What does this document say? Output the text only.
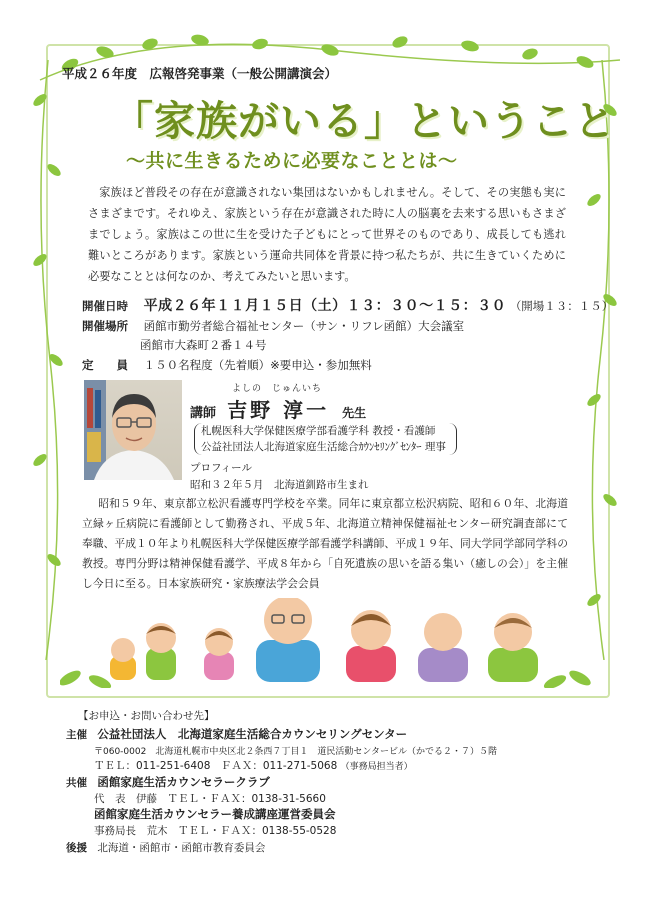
平成２６年度　広報啓発事業（一般公開講演会）
「家族がいる」ということ
～共に生きるために必要なこととは～

家族ほど普段その存在が意識されない集団はないかもしれません。そして、その実態も実にさまざまです。それゆえ、家族という存在が意識された時に人の脳裏を去来する思いもさまざまでしょう。家族はこの世に生を受けた子どもにとって世界そのものであり、成長しても逃れ難いところがあります。家族という運命共同体を背景に持つ私たちが、共に生きていくために必要なこととは何なのか、考えてみたいと思います。

開催日時 平成２６年１１月１５日（土）１３：３０～１５：３０ （開場１３：１５）
開催場所 函館市勤労者総合福祉センター（サン・リフレ函館）大会議室
函館市大森町２番１４号
定　　員 １５０名程度（先着順）※要申込・参加無料
よしの　じゅんいち
講師 吉野 淳一 先生
札幌医科大学保健医療学部看護学科 教授・看護師
公益社団法人北海道家庭生活総合ｶｳﾝｾﾘﾝｸﾞｾﾝﾀｰ 理事
プロフィール
昭和３２年５月　北海道釧路市生まれ

昭和５９年、東京都立松沢看護専門学校を卒業。同年に東京都立松沢病院、昭和６０年、北海道立緑ヶ丘病院に看護師として勤務され、平成５年、北海道立精神保健福祉センター研究調査部にて奉職、平成１０年より札幌医科大学保健医療学部看護学科講師、平成１９年、同大学同学部同学科の教授。専門分野は精神保健看護学、平成８年から「自死遺族の思いを語る集い（癒しの会）」を主催し今日に至る。日本家族研究・家族療法学会会員

【お申込・お問い合わせ先】
主催 公益社団法人　北海道家庭生活総合カウンセリングセンター
〒060-0002　北海道札幌市中央区北２条西７丁目１　道民活動センタービル（かでる２・７）５階
ＴＥＬ：011-251-6408　ＦＡＸ：011-271-5068 （事務局担当者）
共催 函館家庭生活カウンセラークラブ
代　表　伊藤　ＴＥＬ・ＦＡＸ：0138-31-5660
函館家庭生活カウンセラー養成講座運営委員会
事務局長　荒木　ＴＥＬ・ＦＡＸ：0138-55-0528
後援 北海道・函館市・函館市教育委員会
